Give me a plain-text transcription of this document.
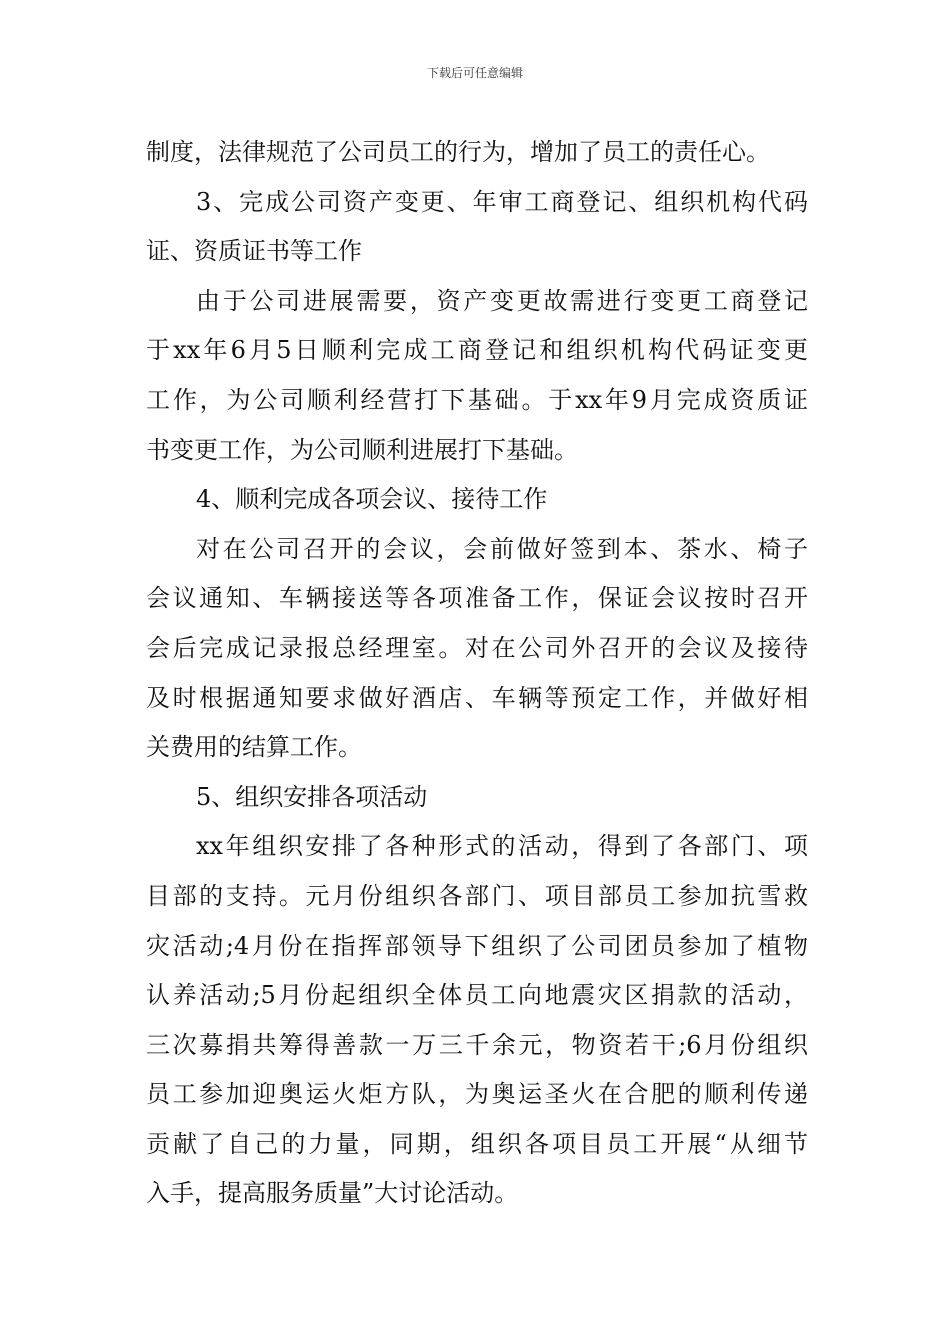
下载后可任意编辑
制度，法律规范了公司员工的行为，增加了员工的责任心。
3、完成公司资产变更、年审工商登记、组织机构代码
证、资质证书等工作
由于公司进展需要，资产变更故需进行变更工商登记
于xx年6月5日顺利完成工商登记和组织机构代码证变更
工作，为公司顺利经营打下基础。于xx年9月完成资质证
书变更工作，为公司顺利进展打下基础。
4、顺利完成各项会议、接待工作
对在公司召开的会议，会前做好签到本、茶水、椅子
会议通知、车辆接送等各项准备工作，保证会议按时召开
会后完成记录报总经理室。对在公司外召开的会议及接待
及时根据通知要求做好酒店、车辆等预定工作，并做好相
关费用的结算工作。
5、组织安排各项活动
xx年组织安排了各种形式的活动，得到了各部门、项
目部的支持。元月份组织各部门、项目部员工参加抗雪救
灾活动;4月份在指挥部领导下组织了公司团员参加了植物
认养活动;5月份起组织全体员工向地震灾区捐款的活动，
三次募捐共筹得善款一万三千余元，物资若干;6月份组织
员工参加迎奥运火炬方队，为奥运圣火在合肥的顺利传递
贡献了自己的力量，同期，组织各项目员工开展“从细节
入手，提高服务质量”大讨论活动。
